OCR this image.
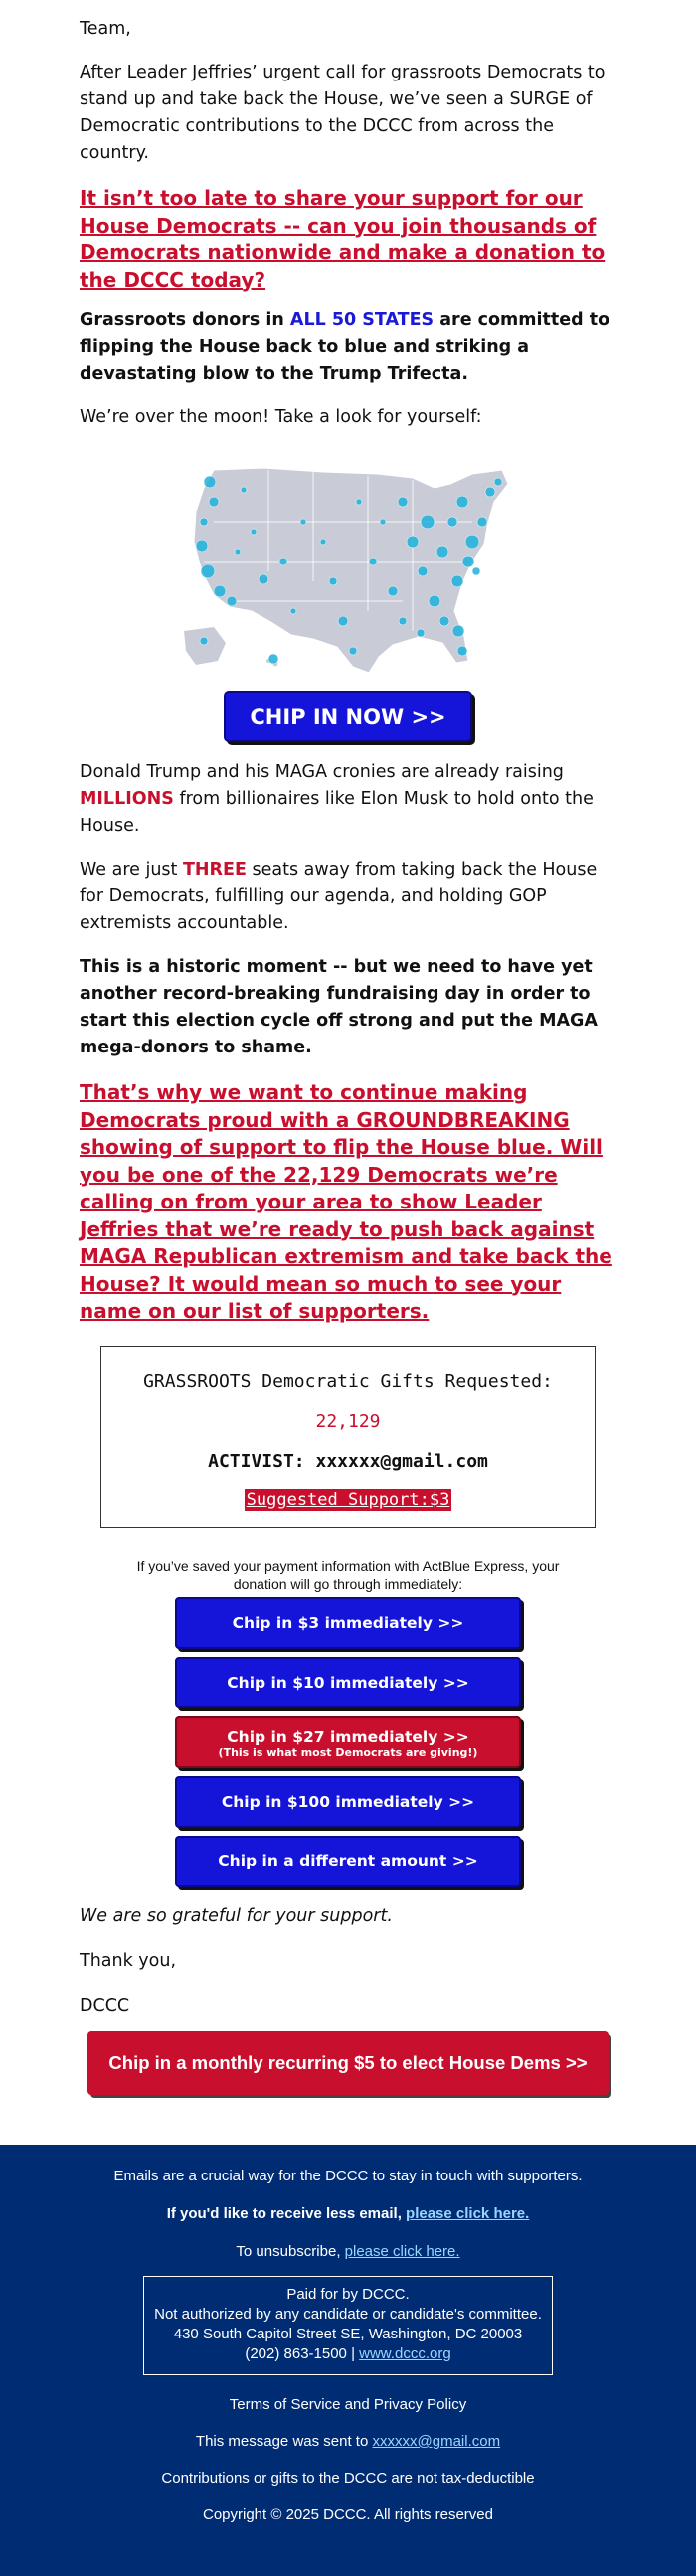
Team,

After Leader Jeffries’ urgent call for grassroots Democrats to stand up and take back the House, we’ve seen a SURGE of Democratic contributions to the DCCC from across the country.

It isn’t too late to share your support for our House Democrats -- can you join thousands of Democrats nationwide and make a donation to the DCCC today?

Grassroots donors in ALL 50 STATES are committed to flipping the House back to blue and striking a devastating blow to the Trump Trifecta.

We’re over the moon! Take a look for yourself:

CHIP IN NOW >>

Donald Trump and his MAGA cronies are already raising MILLIONS from billionaires like Elon Musk to hold onto the House.

We are just THREE seats away from taking back the House for Democrats, fulfilling our agenda, and holding GOP extremists accountable.

This is a historic moment -- but we need to have yet another record-breaking fundraising day in order to start this election cycle off strong and put the MAGA mega-donors to shame.

That’s why we want to continue making Democrats proud with a GROUNDBREAKING showing of support to flip the House blue. Will you be one of the 22,129 Democrats we’re calling on from your area to show Leader Jeffries that we’re ready to push back against MAGA Republican extremism and take back the House? It would mean so much to see your name on our list of supporters.

GRASSROOTS Democratic Gifts Requested:
22,129
ACTIVIST: xxxxxx@gmail.com
Suggested Support:$3

If you’ve saved your payment information with ActBlue Express, your donation will go through immediately:

Chip in $3 immediately >>
Chip in $10 immediately >>
Chip in $27 immediately >>
(This is what most Democrats are giving!)
Chip in $100 immediately >>
Chip in a different amount >>

We are so grateful for your support.

Thank you,

DCCC

Chip in a monthly recurring $5 to elect House Dems >>

Emails are a crucial way for the DCCC to stay in touch with supporters.

If you'd like to receive less email, please click here.

To unsubscribe, please click here.

Paid for by DCCC.

Not authorized by any candidate or candidate's committee.

430 South Capitol Street SE, Washington, DC 20003

(202) 863-1500 | www.dccc.org

Terms of Service and Privacy Policy

This message was sent to xxxxxx@gmail.com

Contributions or gifts to the DCCC are not tax-deductible

Copyright © 2025 DCCC. All rights reserved
